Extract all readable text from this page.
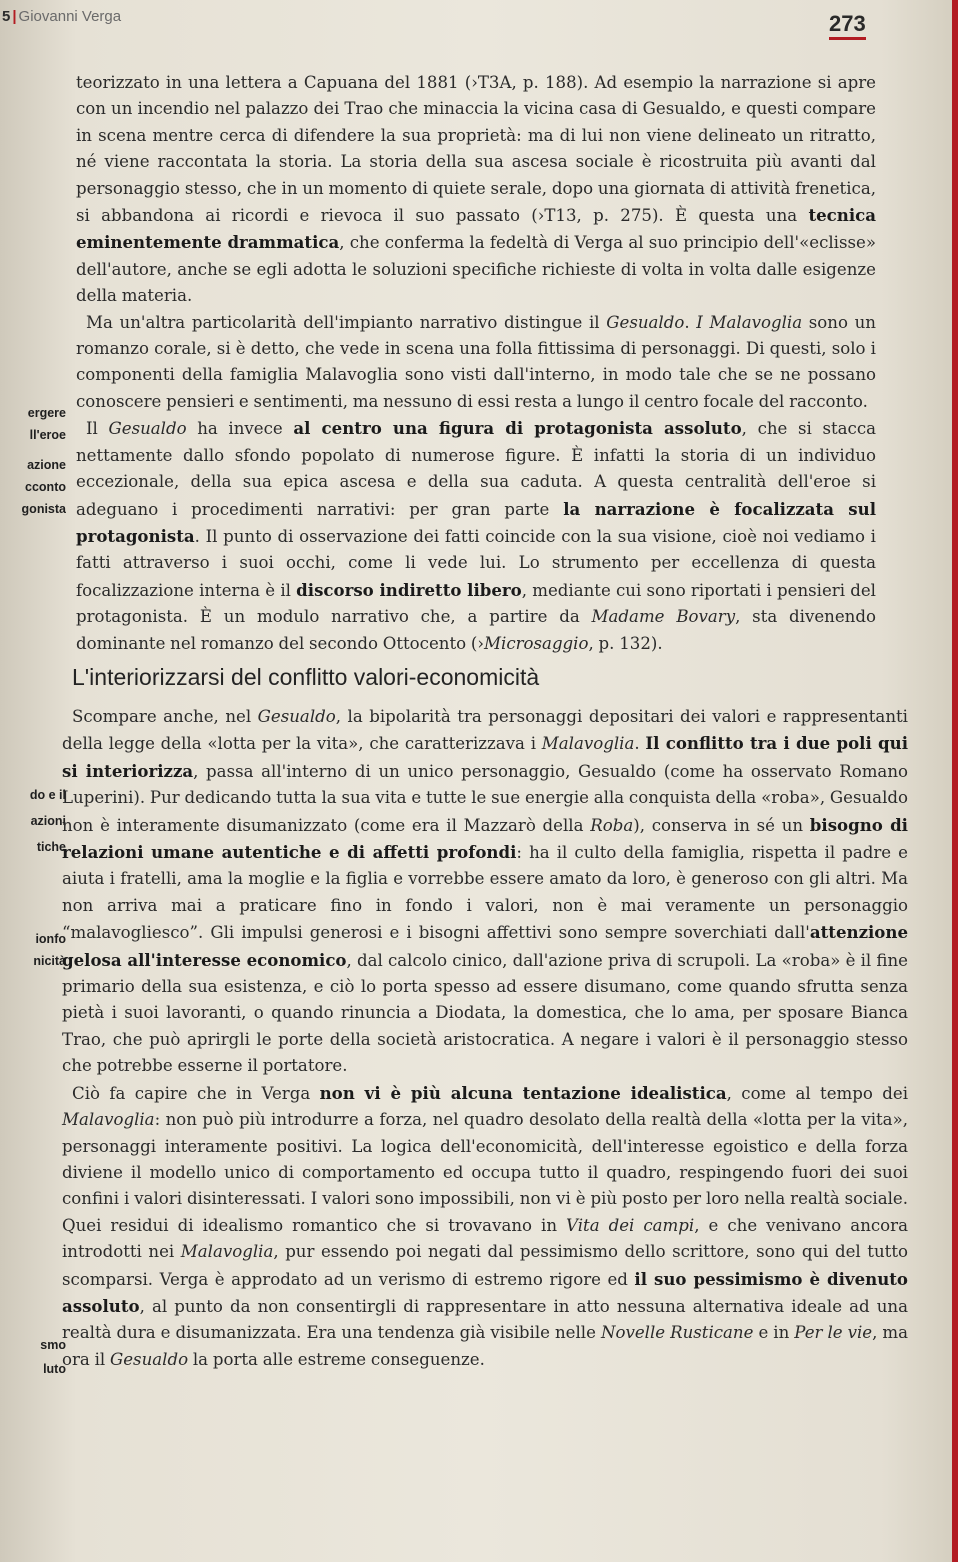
5 | Giovanni Verga	273
ergere
ll'eroe
azione
cconto
gonista
do e il
azioni
tiche
ionfo
nicità
smo
luto

teorizzato in una lettera a Capuana del 1881 (›T3A, p. 188). Ad esempio la narrazione si apre con un incendio nel palazzo dei Trao che minaccia la vicina casa di Gesualdo, e questi compare in scena mentre cerca di difendere la sua proprietà: ma di lui non viene delineato un ritratto, né viene raccontata la storia. La storia della sua ascesa sociale è ricostruita più avanti dal personaggio stesso, che in un momento di quiete serale, dopo una giornata di attività frenetica, si abbandona ai ricordi e rievoca il suo passato (›T13, p. 275). È questa una tecnica eminentemente drammatica, che conferma la fedeltà di Verga al suo principio dell'«eclisse» dell'autore, anche se egli adotta le soluzioni specifiche richieste di volta in volta dalle esigenze della materia.

Ma un'altra particolarità dell'impianto narrativo distingue il Gesualdo. I Malavoglia sono un romanzo corale, si è detto, che vede in scena una folla fittissima di personaggi. Di questi, solo i componenti della famiglia Malavoglia sono visti dall'interno, in modo tale che se ne possano conoscere pensieri e sentimenti, ma nessuno di essi resta a lungo il centro focale del racconto.

Il Gesualdo ha invece al centro una figura di protagonista assoluto, che si stacca nettamente dallo sfondo popolato di numerose figure. È infatti la storia di un individuo eccezionale, della sua epica ascesa e della sua caduta. A questa centralità dell'eroe si adeguano i procedimenti narrativi: per gran parte la narrazione è focalizzata sul protagonista. Il punto di osservazione dei fatti coincide con la sua visione, cioè noi vediamo i fatti attraverso i suoi occhi, come li vede lui. Lo strumento per eccellenza di questa focalizzazione interna è il discorso indiretto libero, mediante cui sono riportati i pensieri del protagonista. È un modulo narrativo che, a partire da Madame Bovary, sta divenendo dominante nel romanzo del secondo Ottocento (›Microsaggio, p. 132).

L'interiorizzarsi del conflitto valori-economicità

Scompare anche, nel Gesualdo, la bipolarità tra personaggi depositari dei valori e rappresentanti della legge della «lotta per la vita», che caratterizzava i Malavoglia. Il conflitto tra i due poli qui si interiorizza, passa all'interno di un unico personaggio, Gesualdo (come ha osservato Romano Luperini). Pur dedicando tutta la sua vita e tutte le sue energie alla conquista della «roba», Gesualdo non è interamente disumanizzato (come era il Mazzarò della Roba), conserva in sé un bisogno di relazioni umane autentiche e di affetti profondi: ha il culto della famiglia, rispetta il padre e aiuta i fratelli, ama la moglie e la figlia e vorrebbe essere amato da loro, è generoso con gli altri. Ma non arriva mai a praticare fino in fondo i valori, non è mai veramente un personaggio “malavogliesco”. Gli impulsi generosi e i bisogni affettivi sono sempre soverchiati dall'attenzione gelosa all'interesse economico, dal calcolo cinico, dall'azione priva di scrupoli. La «roba» è il fine primario della sua esistenza, e ciò lo porta spesso ad essere disumano, come quando sfrutta senza pietà i suoi lavoranti, o quando rinuncia a Diodata, la domestica, che lo ama, per sposare Bianca Trao, che può aprirgli le porte della società aristocratica. A negare i valori è il personaggio stesso che potrebbe esserne il portatore.

Ciò fa capire che in Verga non vi è più alcuna tentazione idealistica, come al tempo dei Malavoglia: non può più introdurre a forza, nel quadro desolato della realtà della «lotta per la vita», personaggi interamente positivi. La logica dell'economicità, dell'interesse egoistico e della forza diviene il modello unico di comportamento ed occupa tutto il quadro, respingendo fuori dei suoi confini i valori disinteressati. I valori sono impossibili, non vi è più posto per loro nella realtà sociale. Quei residui di idealismo romantico che si trovavano in Vita dei campi, e che venivano ancora introdotti nei Malavoglia, pur essendo poi negati dal pessimismo dello scrittore, sono qui del tutto scomparsi. Verga è approdato ad un verismo di estremo rigore ed il suo pessimismo è divenuto assoluto, al punto da non consentirgli di rappresentare in atto nessuna alternativa ideale ad una realtà dura e disumanizzata. Era una tendenza già visibile nelle Novelle Rusticane e in Per le vie, ma ora il Gesualdo la porta alle estreme conseguenze.
